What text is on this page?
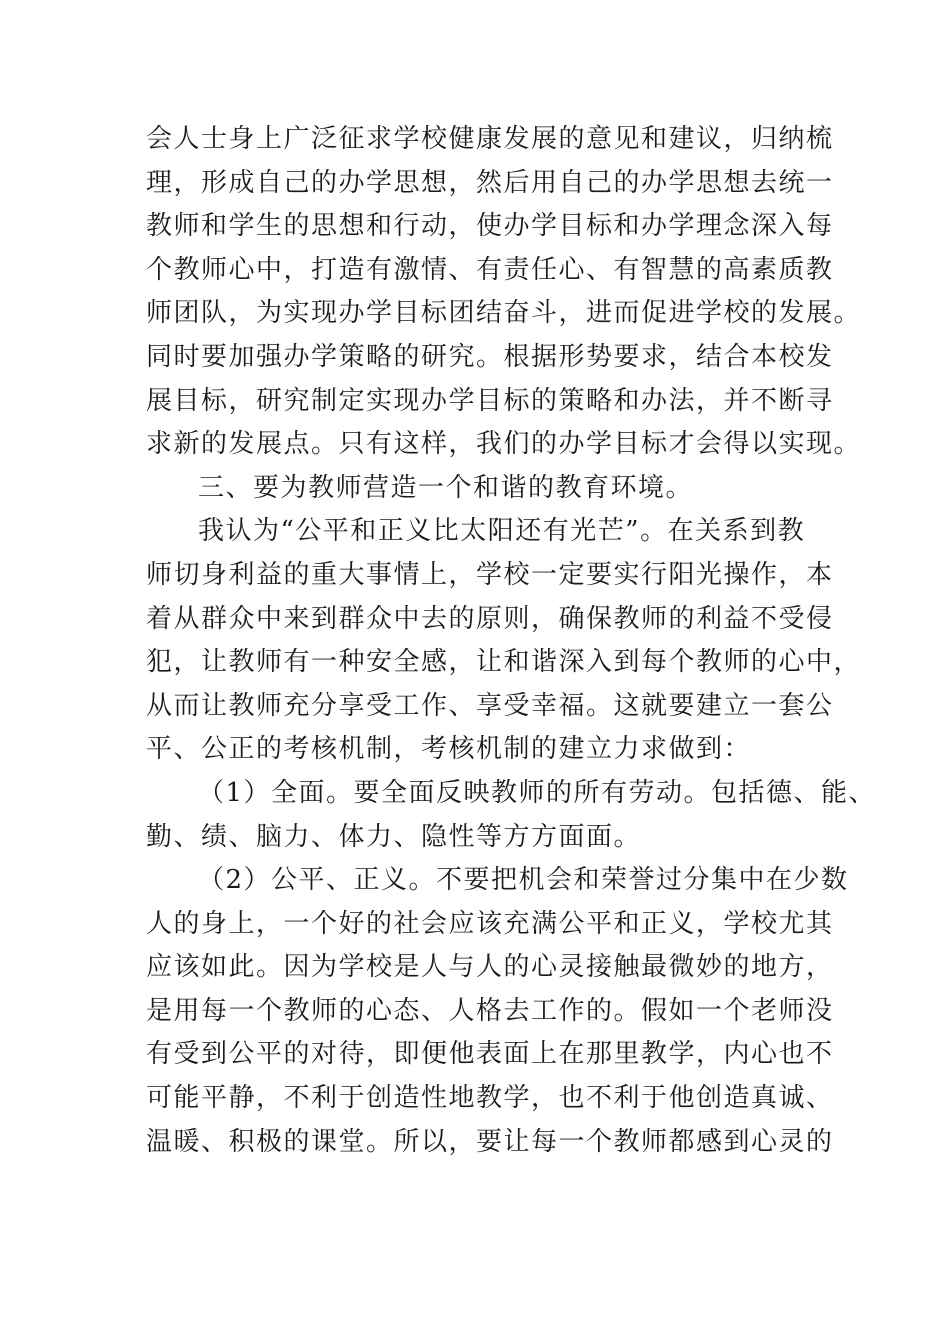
会人士身上广泛征求学校健康发展的意见和建议，归纳梳
理，形成自己的办学思想，然后用自己的办学思想去统一
教师和学生的思想和行动，使办学目标和办学理念深入每
个教师心中，打造有激情、有责任心、有智慧的高素质教
师团队，为实现办学目标团结奋斗，进而促进学校的发展。
同时要加强办学策略的研究。根据形势要求，结合本校发
展目标，研究制定实现办学目标的策略和办法，并不断寻
求新的发展点。只有这样，我们的办学目标才会得以实现。
三、要为教师营造一个和谐的教育环境。
我认为“公平和正义比太阳还有光芒”。在关系到教
师切身利益的重大事情上，学校一定要实行阳光操作，本
着从群众中来到群众中去的原则，确保教师的利益不受侵
犯，让教师有一种安全感，让和谐深入到每个教师的心中，
从而让教师充分享受工作、享受幸福。这就要建立一套公
平、公正的考核机制，考核机制的建立力求做到：
（1）全面。要全面反映教师的所有劳动。包括德、能、
勤、绩、脑力、体力、隐性等方方面面。
（2）公平、正义。不要把机会和荣誉过分集中在少数
人的身上，一个好的社会应该充满公平和正义，学校尤其
应该如此。因为学校是人与人的心灵接触最微妙的地方，
是用每一个教师的心态、人格去工作的。假如一个老师没
有受到公平的对待，即便他表面上在那里教学，内心也不
可能平静，不利于创造性地教学，也不利于他创造真诚、
温暖、积极的课堂。所以，要让每一个教师都感到心灵的
